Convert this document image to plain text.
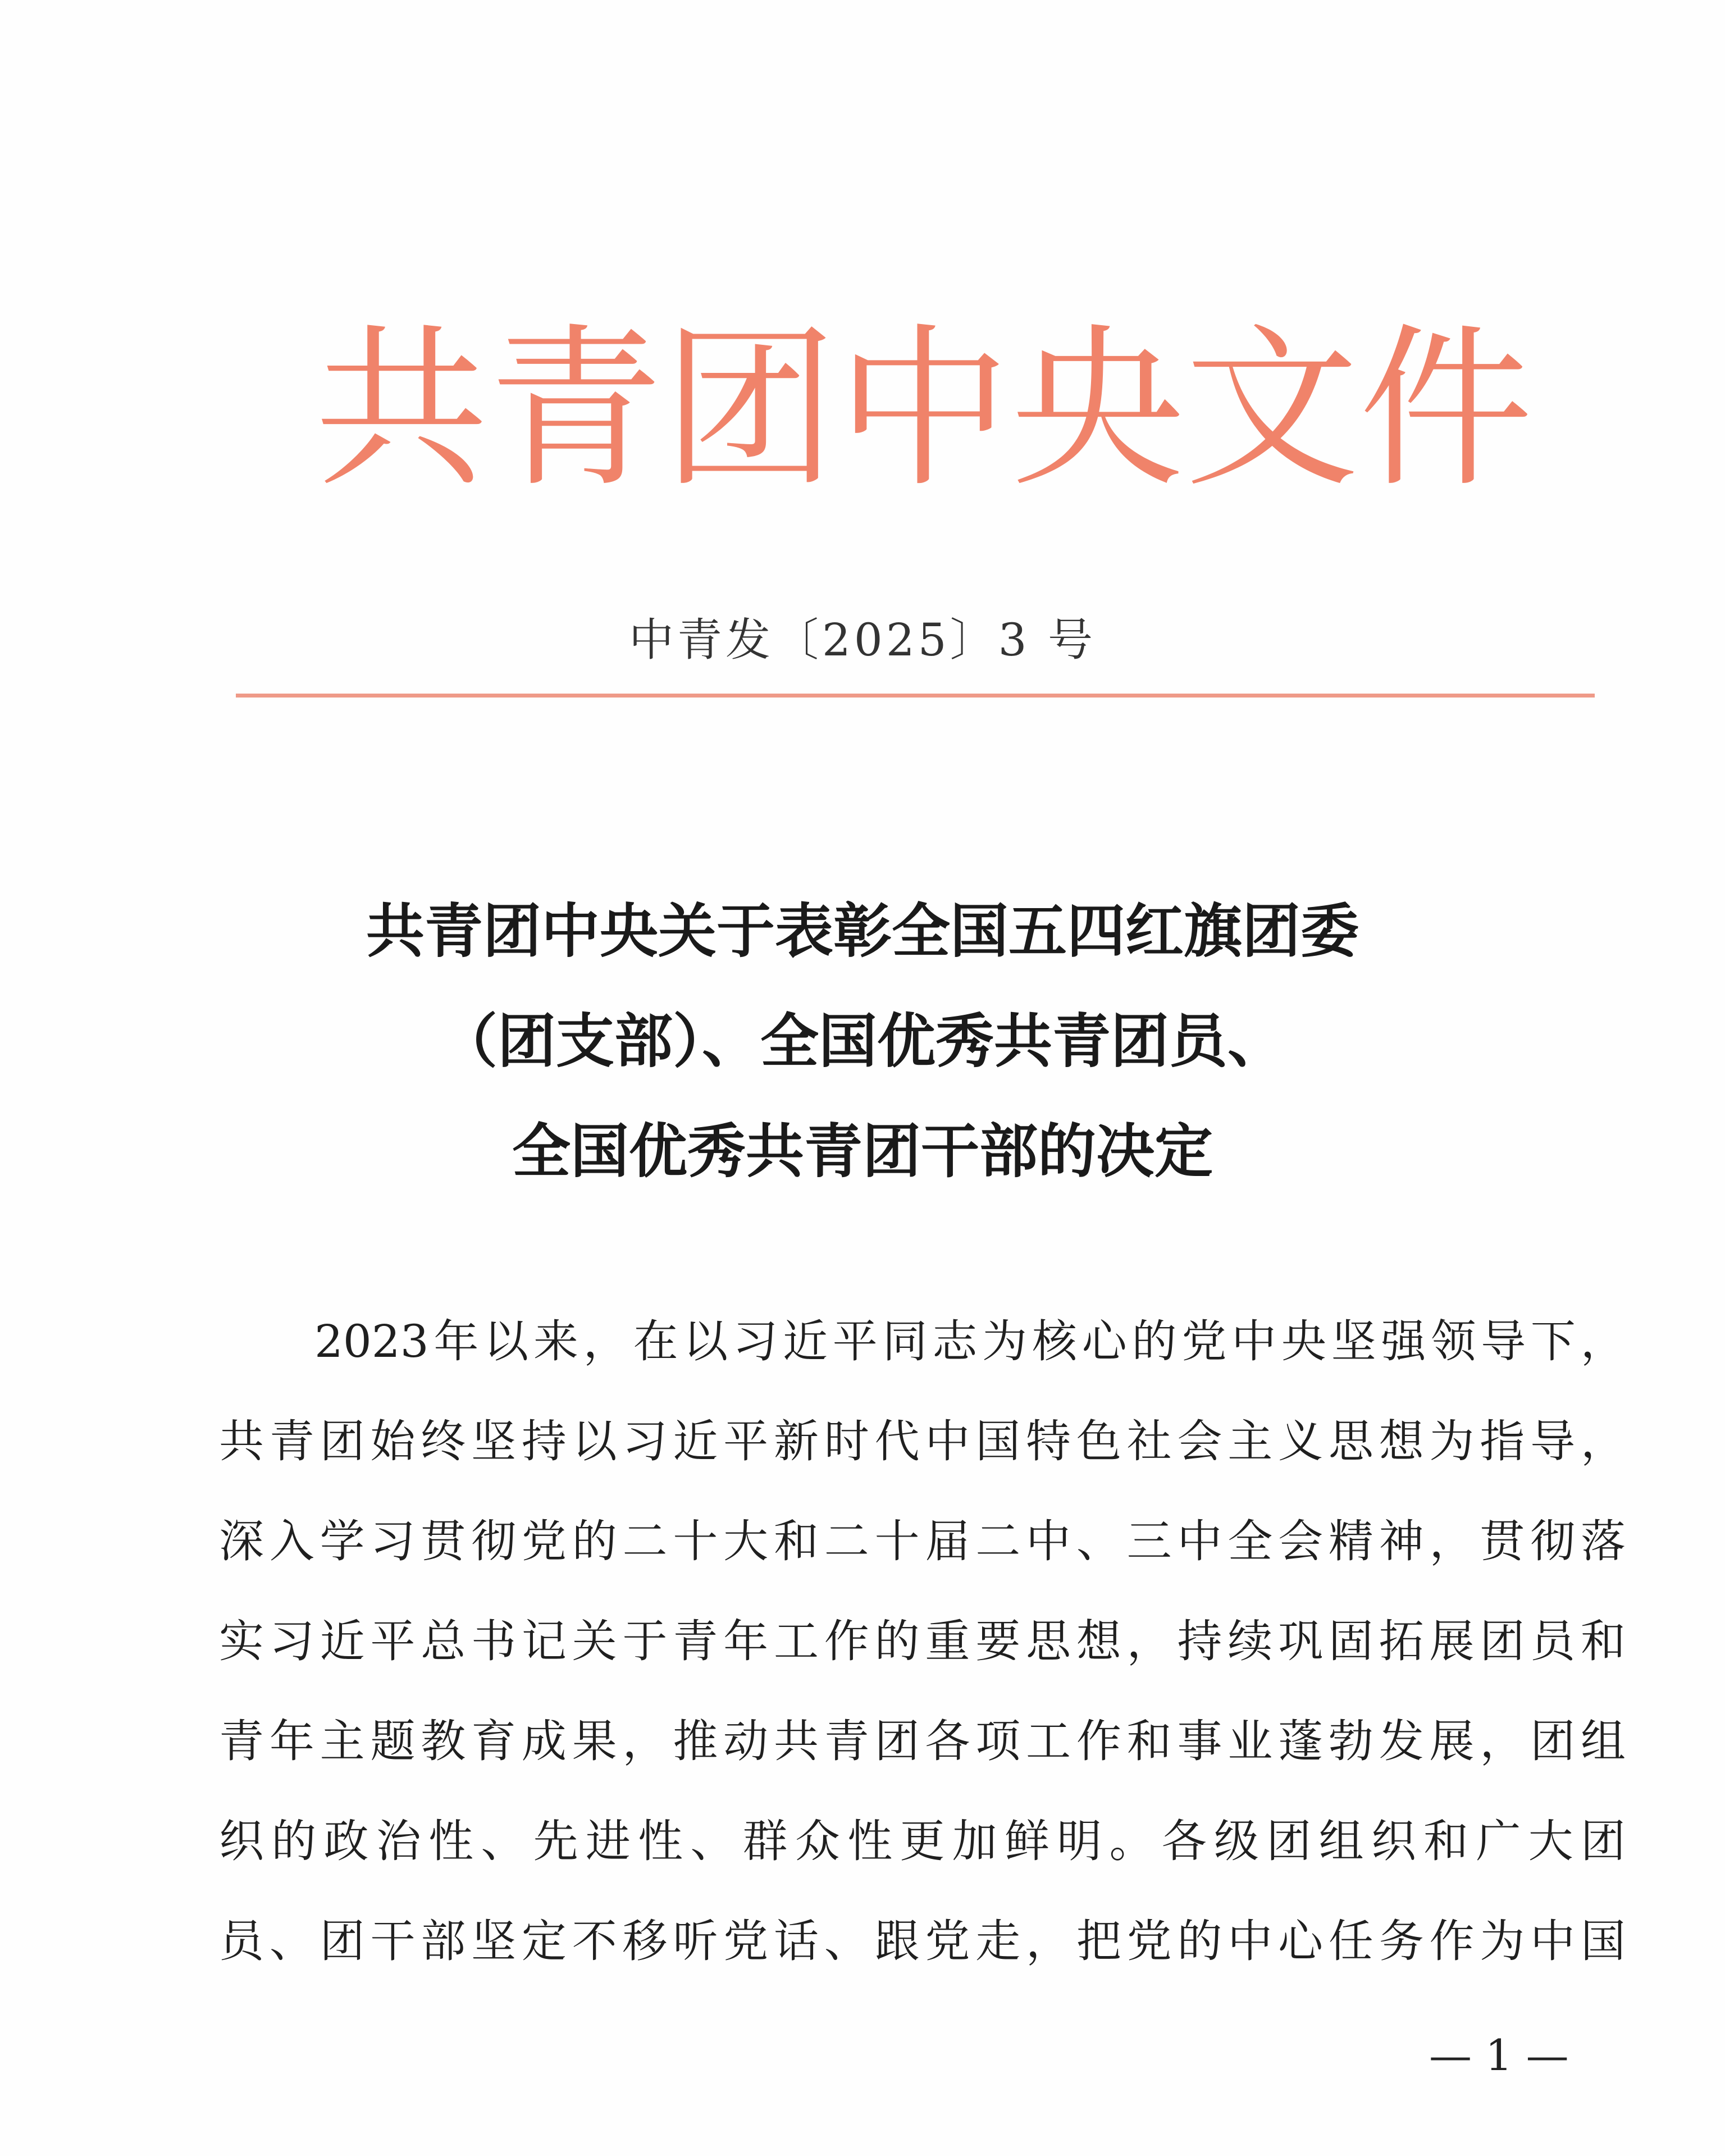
共 青 团 中 央 文 件
中青发〔2025〕3 号
共青团中央关于表彰全国五四红旗团委
（团支部）、全国优秀共青团员、
全国优秀共青团干部的决定
2023 年 以 来 ， 在 以 习 近 平 同 志 为 核 心 的 党 中 央 坚 强 领 导 下 ，
共 青 团 始 终 坚 持 以 习 近 平 新 时 代 中 国 特 色 社 会 主 义 思 想 为 指 导 ，
深 入 学 习 贯 彻 党 的 二 十 大 和 二 十 届 二 中 、 三 中 全 会 精 神 ， 贯 彻 落
实 习 近 平 总 书 记 关 于 青 年 工 作 的 重 要 思 想 ， 持 续 巩 固 拓 展 团 员 和
青 年 主 题 教 育 成 果 ， 推 动 共 青 团 各 项 工 作 和 事 业 蓬 勃 发 展 ， 团 组
织 的 政 治 性 、 先 进 性 、 群 众 性 更 加 鲜 明 。 各 级 团 组 织 和 广 大 团
员 、 团 干 部 坚 定 不 移 听 党 话 、 跟 党 走 ， 把 党 的 中 心 任 务 作 为 中 国
— 1 —
